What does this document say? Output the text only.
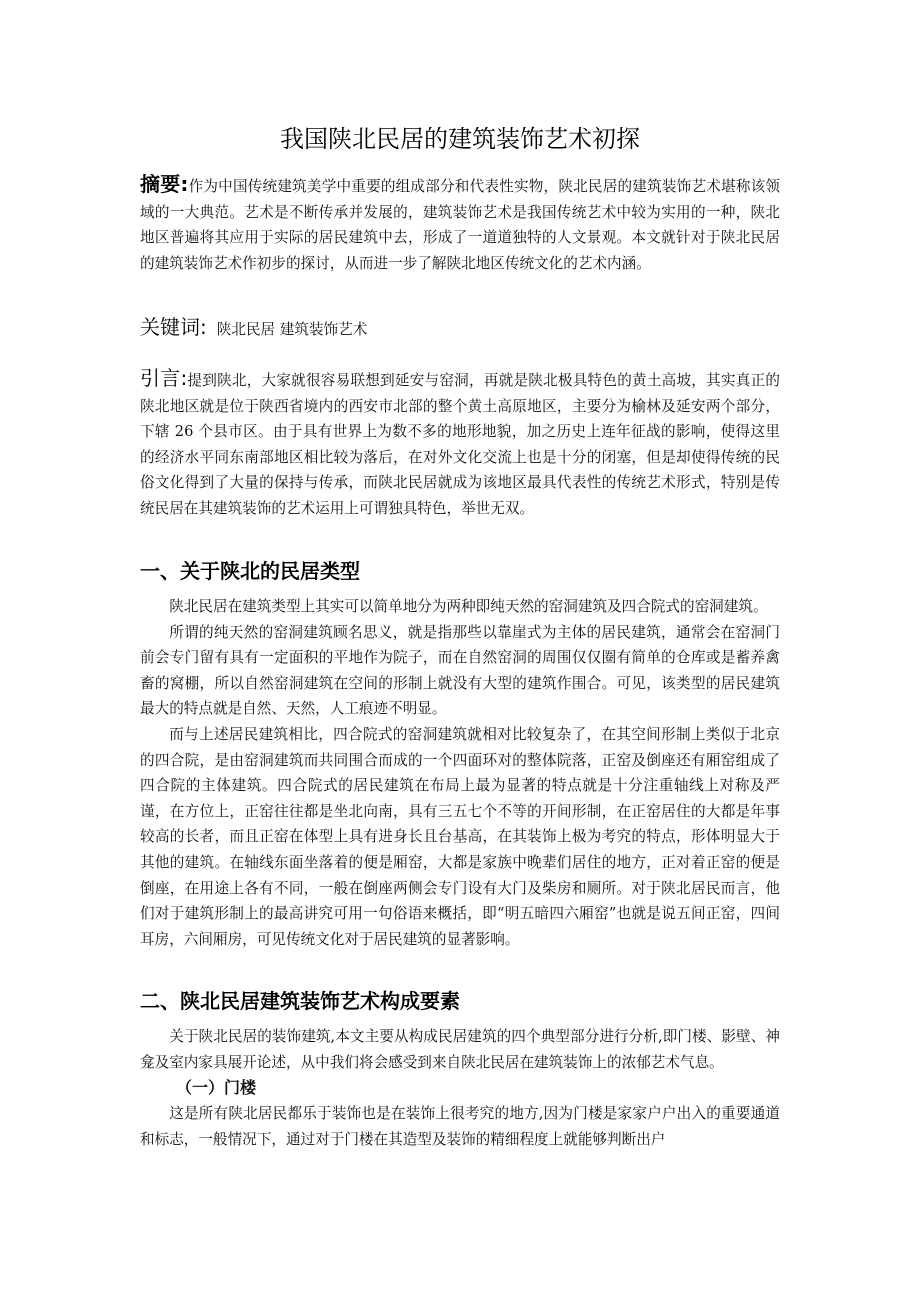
我国陕北民居的建筑装饰艺术初探

摘要:作为中国传统建筑美学中重要的组成部分和代表性实物，陕北民居的建筑装饰艺术堪称该领域的一大典范。艺术是不断传承并发展的，建筑装饰艺术是我国传统艺术中较为实用的一种，陕北地区普遍将其应用于实际的居民建筑中去，形成了一道道独特的人文景观。本文就针对于陕北民居的建筑装饰艺术作初步的探讨，从而进一步了解陕北地区传统文化的艺术内涵。

关键词: 陕北民居 建筑装饰艺术

引言:提到陕北，大家就很容易联想到延安与窑洞，再就是陕北极具特色的黄土高坡，其实真正的陕北地区就是位于陕西省境内的西安市北部的整个黄土高原地区，主要分为榆林及延安两个部分，下辖 26 个县市区。由于具有世界上为数不多的地形地貌，加之历史上连年征战的影响，使得这里的经济水平同东南部地区相比较为落后，在对外文化交流上也是十分的闭塞，但是却使得传统的民俗文化得到了大量的保持与传承，而陕北民居就成为该地区最具代表性的传统艺术形式，特别是传统民居在其建筑装饰的艺术运用上可谓独具特色，举世无双。

一、关于陕北的民居类型

陕北民居在建筑类型上其实可以简单地分为两种即纯天然的窑洞建筑及四合院式的窑洞建筑。

所谓的纯天然的窑洞建筑顾名思义，就是指那些以靠崖式为主体的居民建筑，通常会在窑洞门前会专门留有具有一定面积的平地作为院子，而在自然窑洞的周围仅仅圈有简单的仓库或是蓄养禽畜的窝棚，所以自然窑洞建筑在空间的形制上就没有大型的建筑作围合。可见，该类型的居民建筑最大的特点就是自然、天然，人工痕迹不明显。

而与上述居民建筑相比，四合院式的窑洞建筑就相对比较复杂了，在其空间形制上类似于北京的四合院，是由窑洞建筑而共同围合而成的一个四面环对的整体院落，正窑及倒座还有厢窑组成了四合院的主体建筑。四合院式的居民建筑在布局上最为显著的特点就是十分注重轴线上对称及严谨，在方位上，正窑往往都是坐北向南，具有三五七个不等的开间形制，在正窑居住的大都是年事较高的长者，而且正窑在体型上具有进身长且台基高，在其装饰上极为考究的特点，形体明显大于其他的建筑。在轴线东面坐落着的便是厢窑，大都是家族中晚辈们居住的地方，正对着正窑的便是倒座，在用途上各有不同，一般在倒座两侧会专门设有大门及柴房和厕所。对于陕北居民而言，他们对于建筑形制上的最高讲究可用一句俗语来概括，即“明五暗四六厢窑”也就是说五间正窑，四间耳房，六间厢房，可见传统文化对于居民建筑的显著影响。

二、陕北民居建筑装饰艺术构成要素

关于陕北民居的装饰建筑,本文主要从构成民居建筑的四个典型部分进行分析,即门楼、影壁、神龛及室内家具展开论述，从中我们将会感受到来自陕北民居在建筑装饰上的浓郁艺术气息。

（一）门楼

这是所有陕北居民都乐于装饰也是在装饰上很考究的地方,因为门楼是家家户户出入的重要通道和标志，一般情况下，通过对于门楼在其造型及装饰的精细程度上就能够判断出户
